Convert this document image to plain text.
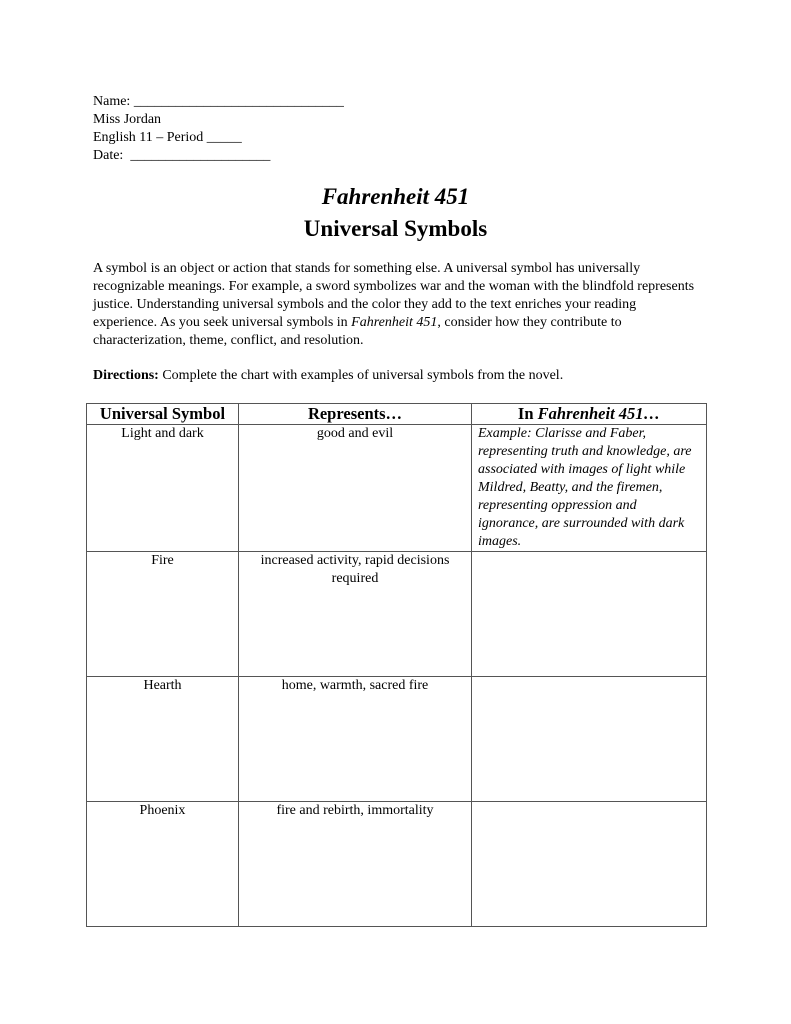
Name: ______________________________
Miss Jordan
English 11 – Period _____
Date:  ____________________
Fahrenheit 451
Universal Symbols
A symbol is an object or action that stands for something else. A universal symbol has universally recognizable meanings. For example, a sword symbolizes war and the woman with the blindfold represents justice. Understanding universal symbols and the color they add to the text enriches your reading experience. As you seek universal symbols in Fahrenheit 451, consider how they contribute to characterization, theme, conflict, and resolution.
Directions: Complete the chart with examples of universal symbols from the novel.
Universal Symbol	Represents…	In Fahrenheit 451…
Light and dark	good and evil	Example: Clarisse and Faber, representing truth and knowledge, are associated with images of light while Mildred, Beatty, and the firemen, representing oppression and ignorance, are surrounded with dark images.
Fire	increased activity, rapid decisions required	
Hearth	home, warmth, sacred fire	
Phoenix	fire and rebirth, immortality	
